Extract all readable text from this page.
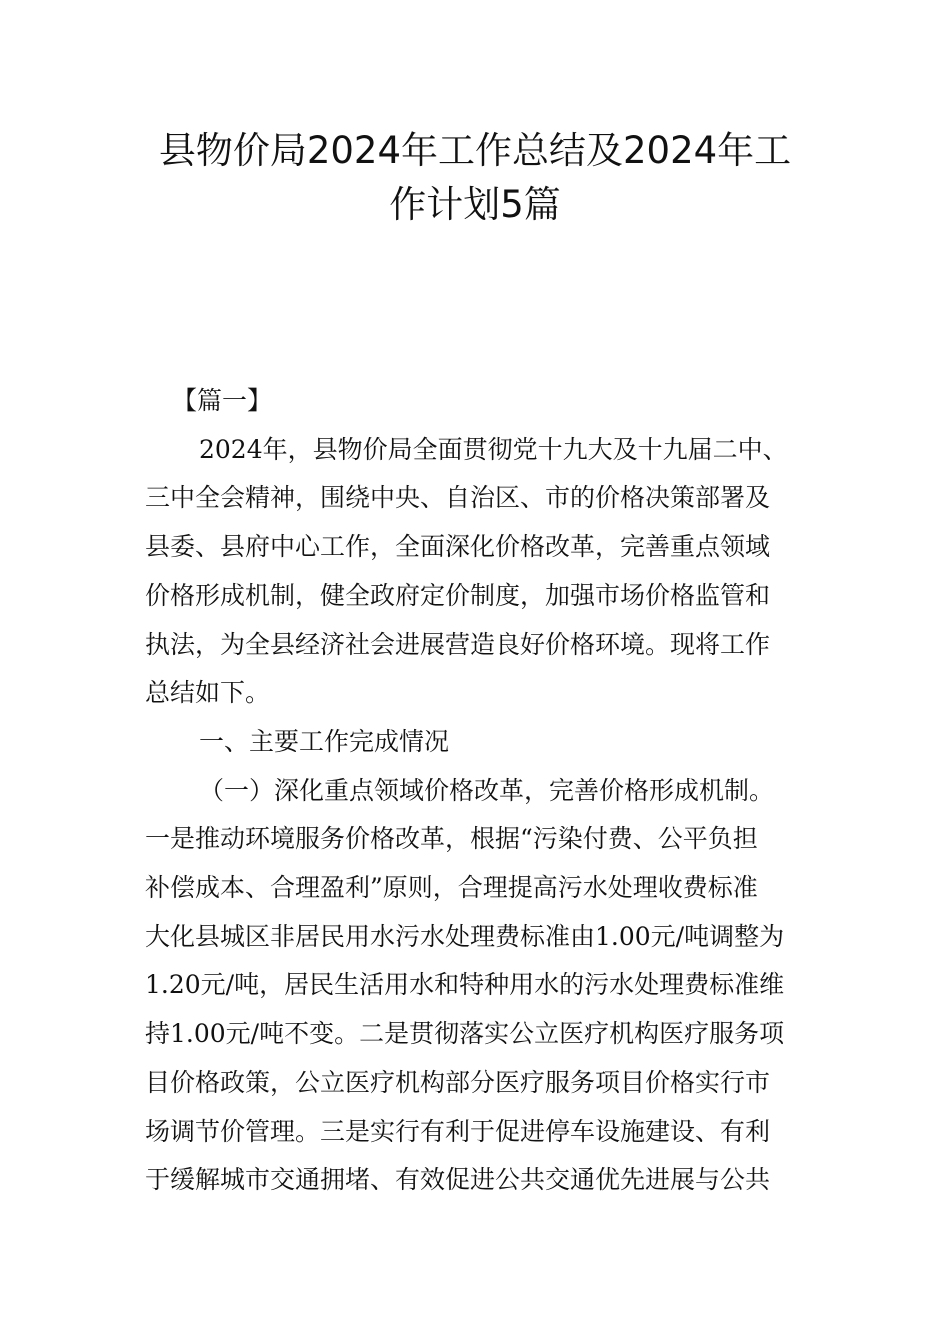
县物价局2024年工作总结及2024年工
作计划5篇
【篇一】
2024年，县物价局全面贯彻党十九大及十九届二中、
三中全会精神，围绕中央、自治区、市的价格决策部署及
县委、县府中心工作，全面深化价格改革，完善重点领域
价格形成机制，健全政府定价制度，加强市场价格监管和
执法，为全县经济社会进展营造良好价格环境。现将工作
总结如下。
一、主要工作完成情况
（一）深化重点领域价格改革，完善价格形成机制。
一是推动环境服务价格改革，根据“污染付费、公平负担
补偿成本、合理盈利”原则，合理提高污水处理收费标准
大化县城区非居民用水污水处理费标准由1.00元/吨调整为
1.20元/吨，居民生活用水和特种用水的污水处理费标准维
持1.00元/吨不变。二是贯彻落实公立医疗机构医疗服务项
目价格政策，公立医疗机构部分医疗服务项目价格实行市
场调节价管理。三是实行有利于促进停车设施建设、有利
于缓解城市交通拥堵、有效促进公共交通优先进展与公共
